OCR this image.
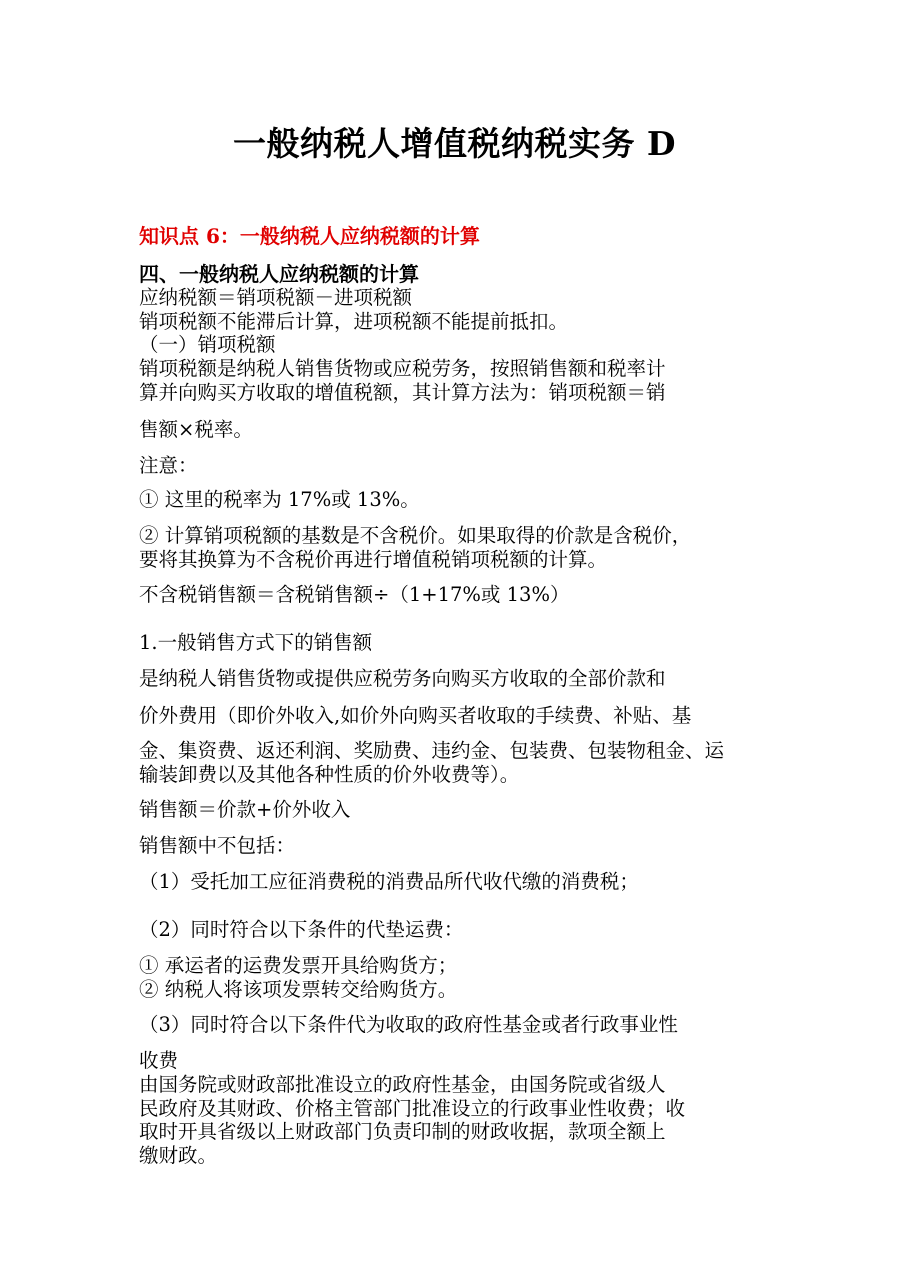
一般纳税人增值税纳税实务 D
知识点 6：一般纳税人应纳税额的计算
四、一般纳税人应纳税额的计算
应纳税额＝销项税额－进项税额
销项税额不能滞后计算，进项税额不能提前抵扣。
（一）销项税额
销项税额是纳税人销售货物或应税劳务，按照销售额和税率计
算并向购买方收取的增值税额，其计算方法为：销项税额＝销
售额×税率。
注意：
① 这里的税率为 17%或 13%。
② 计算销项税额的基数是不含税价。如果取得的价款是含税价，
要将其换算为不含税价再进行增值税销项税额的计算。
不含税销售额＝含税销售额÷（1+17%或 13%）
1.一般销售方式下的销售额
是纳税人销售货物或提供应税劳务向购买方收取的全部价款和
价外费用（即价外收入,如价外向购买者收取的手续费、补贴、基
金、集资费、返还利润、奖励费、违约金、包装费、包装物租金、运
输装卸费以及其他各种性质的价外收费等）。
销售额＝价款+价外收入
销售额中不包括：
（1）受托加工应征消费税的消费品所代收代缴的消费税；
（2）同时符合以下条件的代垫运费：
① 承运者的运费发票开具给购货方；
② 纳税人将该项发票转交给购货方。
（3）同时符合以下条件代为收取的政府性基金或者行政事业性
收费
由国务院或财政部批准设立的政府性基金，由国务院或省级人
民政府及其财政、价格主管部门批准设立的行政事业性收费；收
取时开具省级以上财政部门负责印制的财政收据，款项全额上
缴财政。
